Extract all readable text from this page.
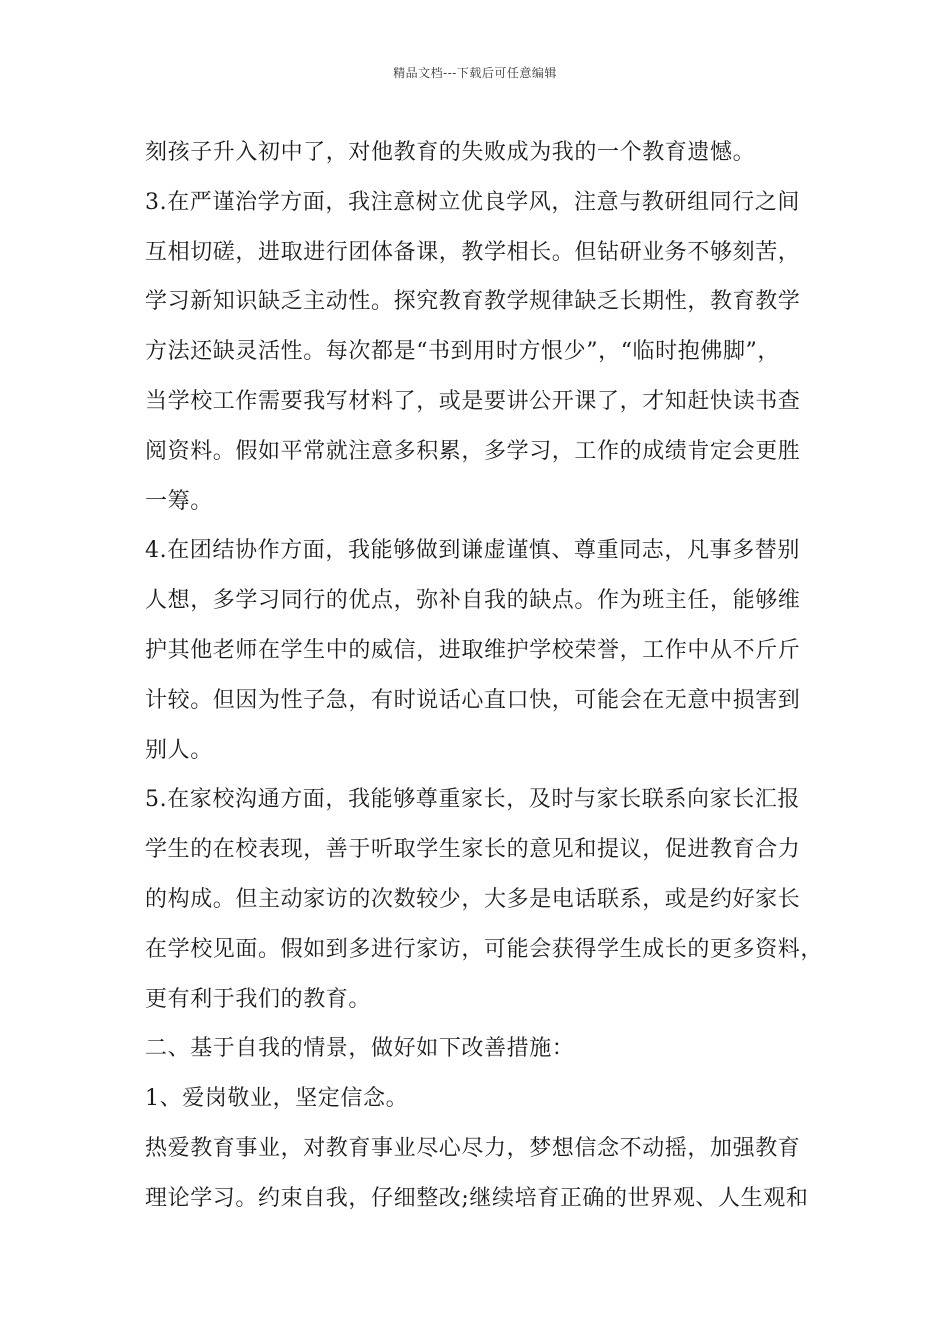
精品文档---下载后可任意编辑
刻孩子升入初中了，对他教育的失败成为我的一个教育遗憾。
3.在严谨治学方面，我注意树立优良学风，注意与教研组同行之间
互相切磋，进取进行团体备课，教学相长。但钻研业务不够刻苦，
学习新知识缺乏主动性。探究教育教学规律缺乏长期性，教育教学
方法还缺灵活性。每次都是“书到用时方恨少”，“临时抱佛脚”，
当学校工作需要我写材料了，或是要讲公开课了，才知赶快读书查
阅资料。假如平常就注意多积累，多学习，工作的成绩肯定会更胜
一筹。
4.在团结协作方面，我能够做到谦虚谨慎、尊重同志，凡事多替别
人想，多学习同行的优点，弥补自我的缺点。作为班主任，能够维
护其他老师在学生中的威信，进取维护学校荣誉，工作中从不斤斤
计较。但因为性子急，有时说话心直口快，可能会在无意中损害到
别人。
5.在家校沟通方面，我能够尊重家长，及时与家长联系向家长汇报
学生的在校表现，善于听取学生家长的意见和提议，促进教育合力
的构成。但主动家访的次数较少，大多是电话联系，或是约好家长
在学校见面。假如到多进行家访，可能会获得学生成长的更多资料，
更有利于我们的教育。
二、基于自我的情景，做好如下改善措施：
1、爱岗敬业，坚定信念。
热爱教育事业，对教育事业尽心尽力，梦想信念不动摇，加强教育
理论学习。约束自我，仔细整改;继续培育正确的世界观、人生观和
